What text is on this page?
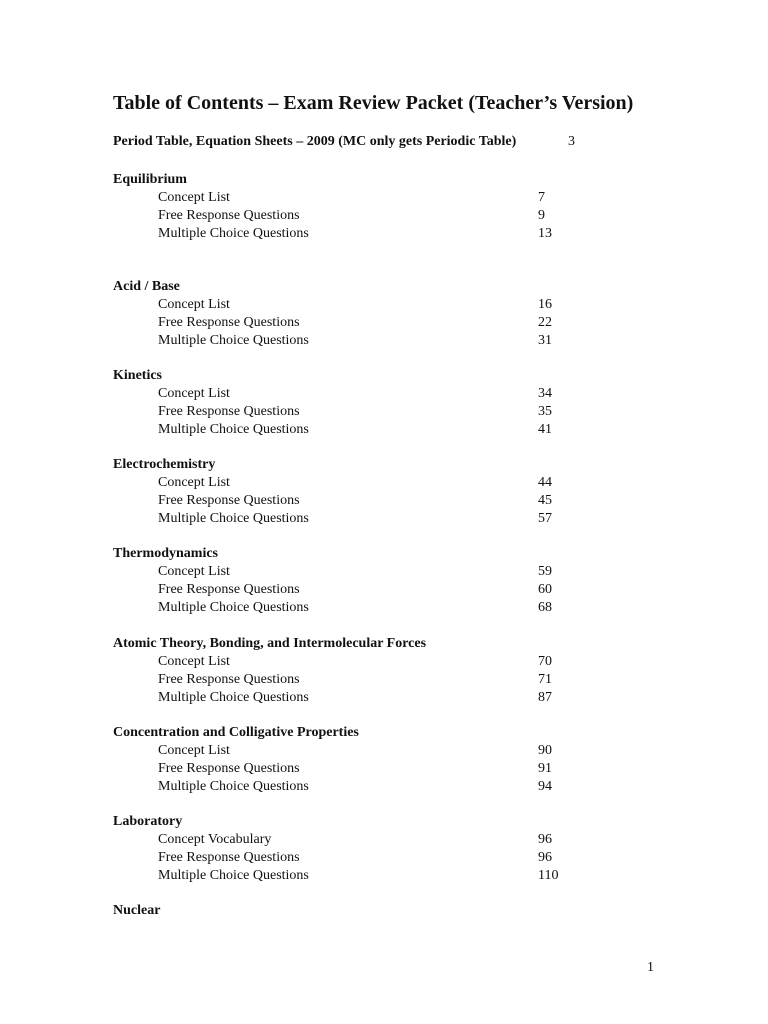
Table of Contents – Exam Review Packet (Teacher’s Version)
Period Table, Equation Sheets – 2009 (MC only gets Periodic Table)	3
Equilibrium
Concept List	7
Free Response Questions	9
Multiple Choice Questions	13
Acid / Base
Concept List	16
Free Response Questions	22
Multiple Choice Questions	31
Kinetics
Concept List	34
Free Response Questions	35
Multiple Choice Questions	41
Electrochemistry
Concept List	44
Free Response Questions	45
Multiple Choice Questions	57
Thermodynamics
Concept List	59
Free Response Questions	60
Multiple Choice Questions	68
Atomic Theory, Bonding, and Intermolecular Forces
Concept List	70
Free Response Questions	71
Multiple Choice Questions	87
Concentration and Colligative Properties
Concept List	90
Free Response Questions	91
Multiple Choice Questions	94
Laboratory
Concept Vocabulary	96
Free Response Questions	96
Multiple Choice Questions	110
Nuclear
1
